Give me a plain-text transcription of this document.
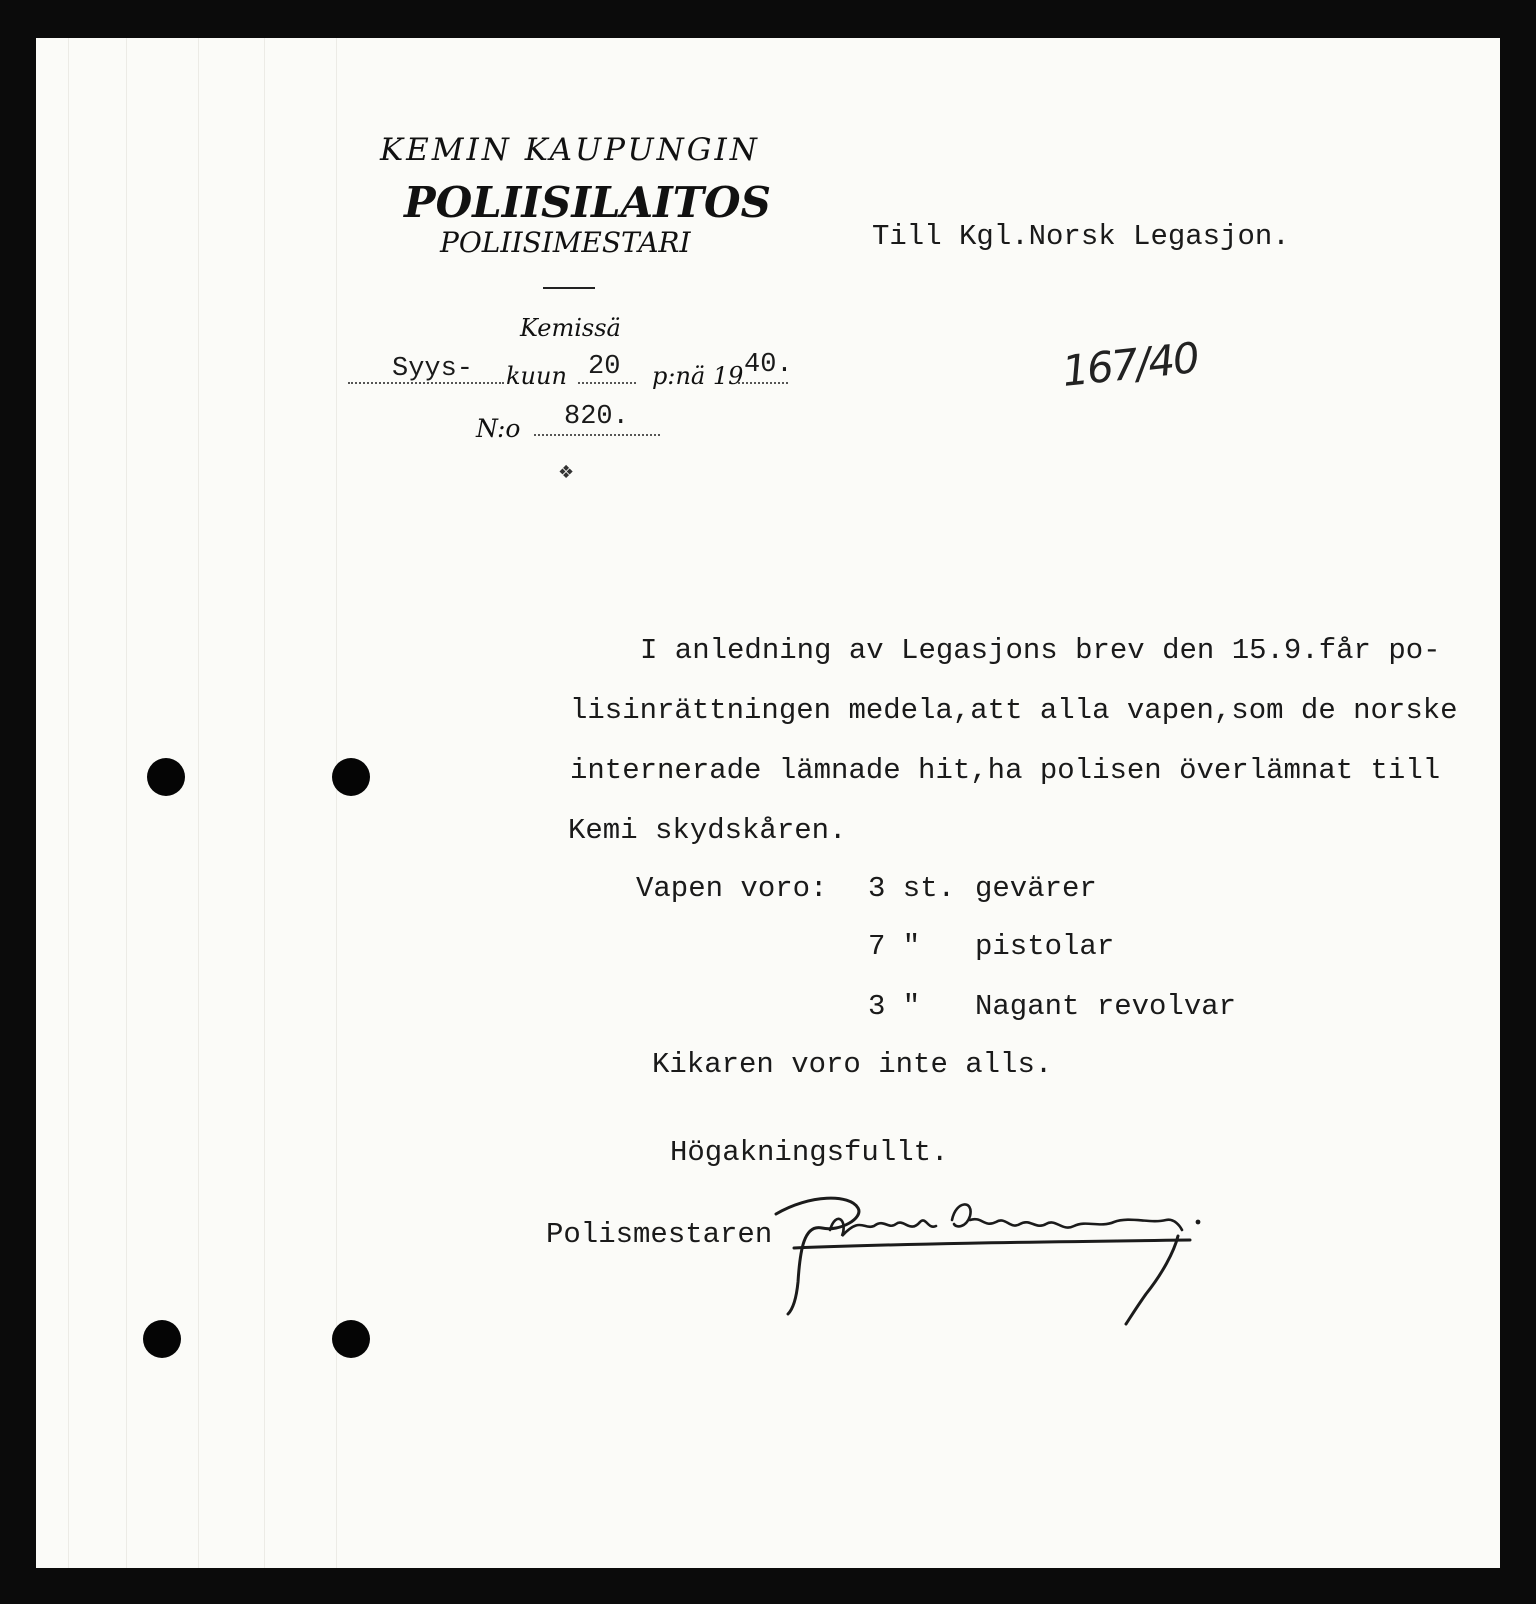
KEMIN KAUPUNGIN
POLIISILAITOS
POLIISIMESTARI
Kemissä
Syys- kuun 20 p:nä 19 40.
N:o 820.
❖
Till Kgl.Norsk Legasjon.
167/40
I anledning av Legasjons brev den 15.9.får po-
lisinrättningen medela,att alla vapen,som de norske
internerade lämnade hit,ha polisen överlämnat till
Kemi skydskåren.
Vapen voro: 3 st. gevärer
7 " pistolar
3 " Nagant revolvar
Kikaren voro inte alls.
Högakningsfullt.
Polismestaren
